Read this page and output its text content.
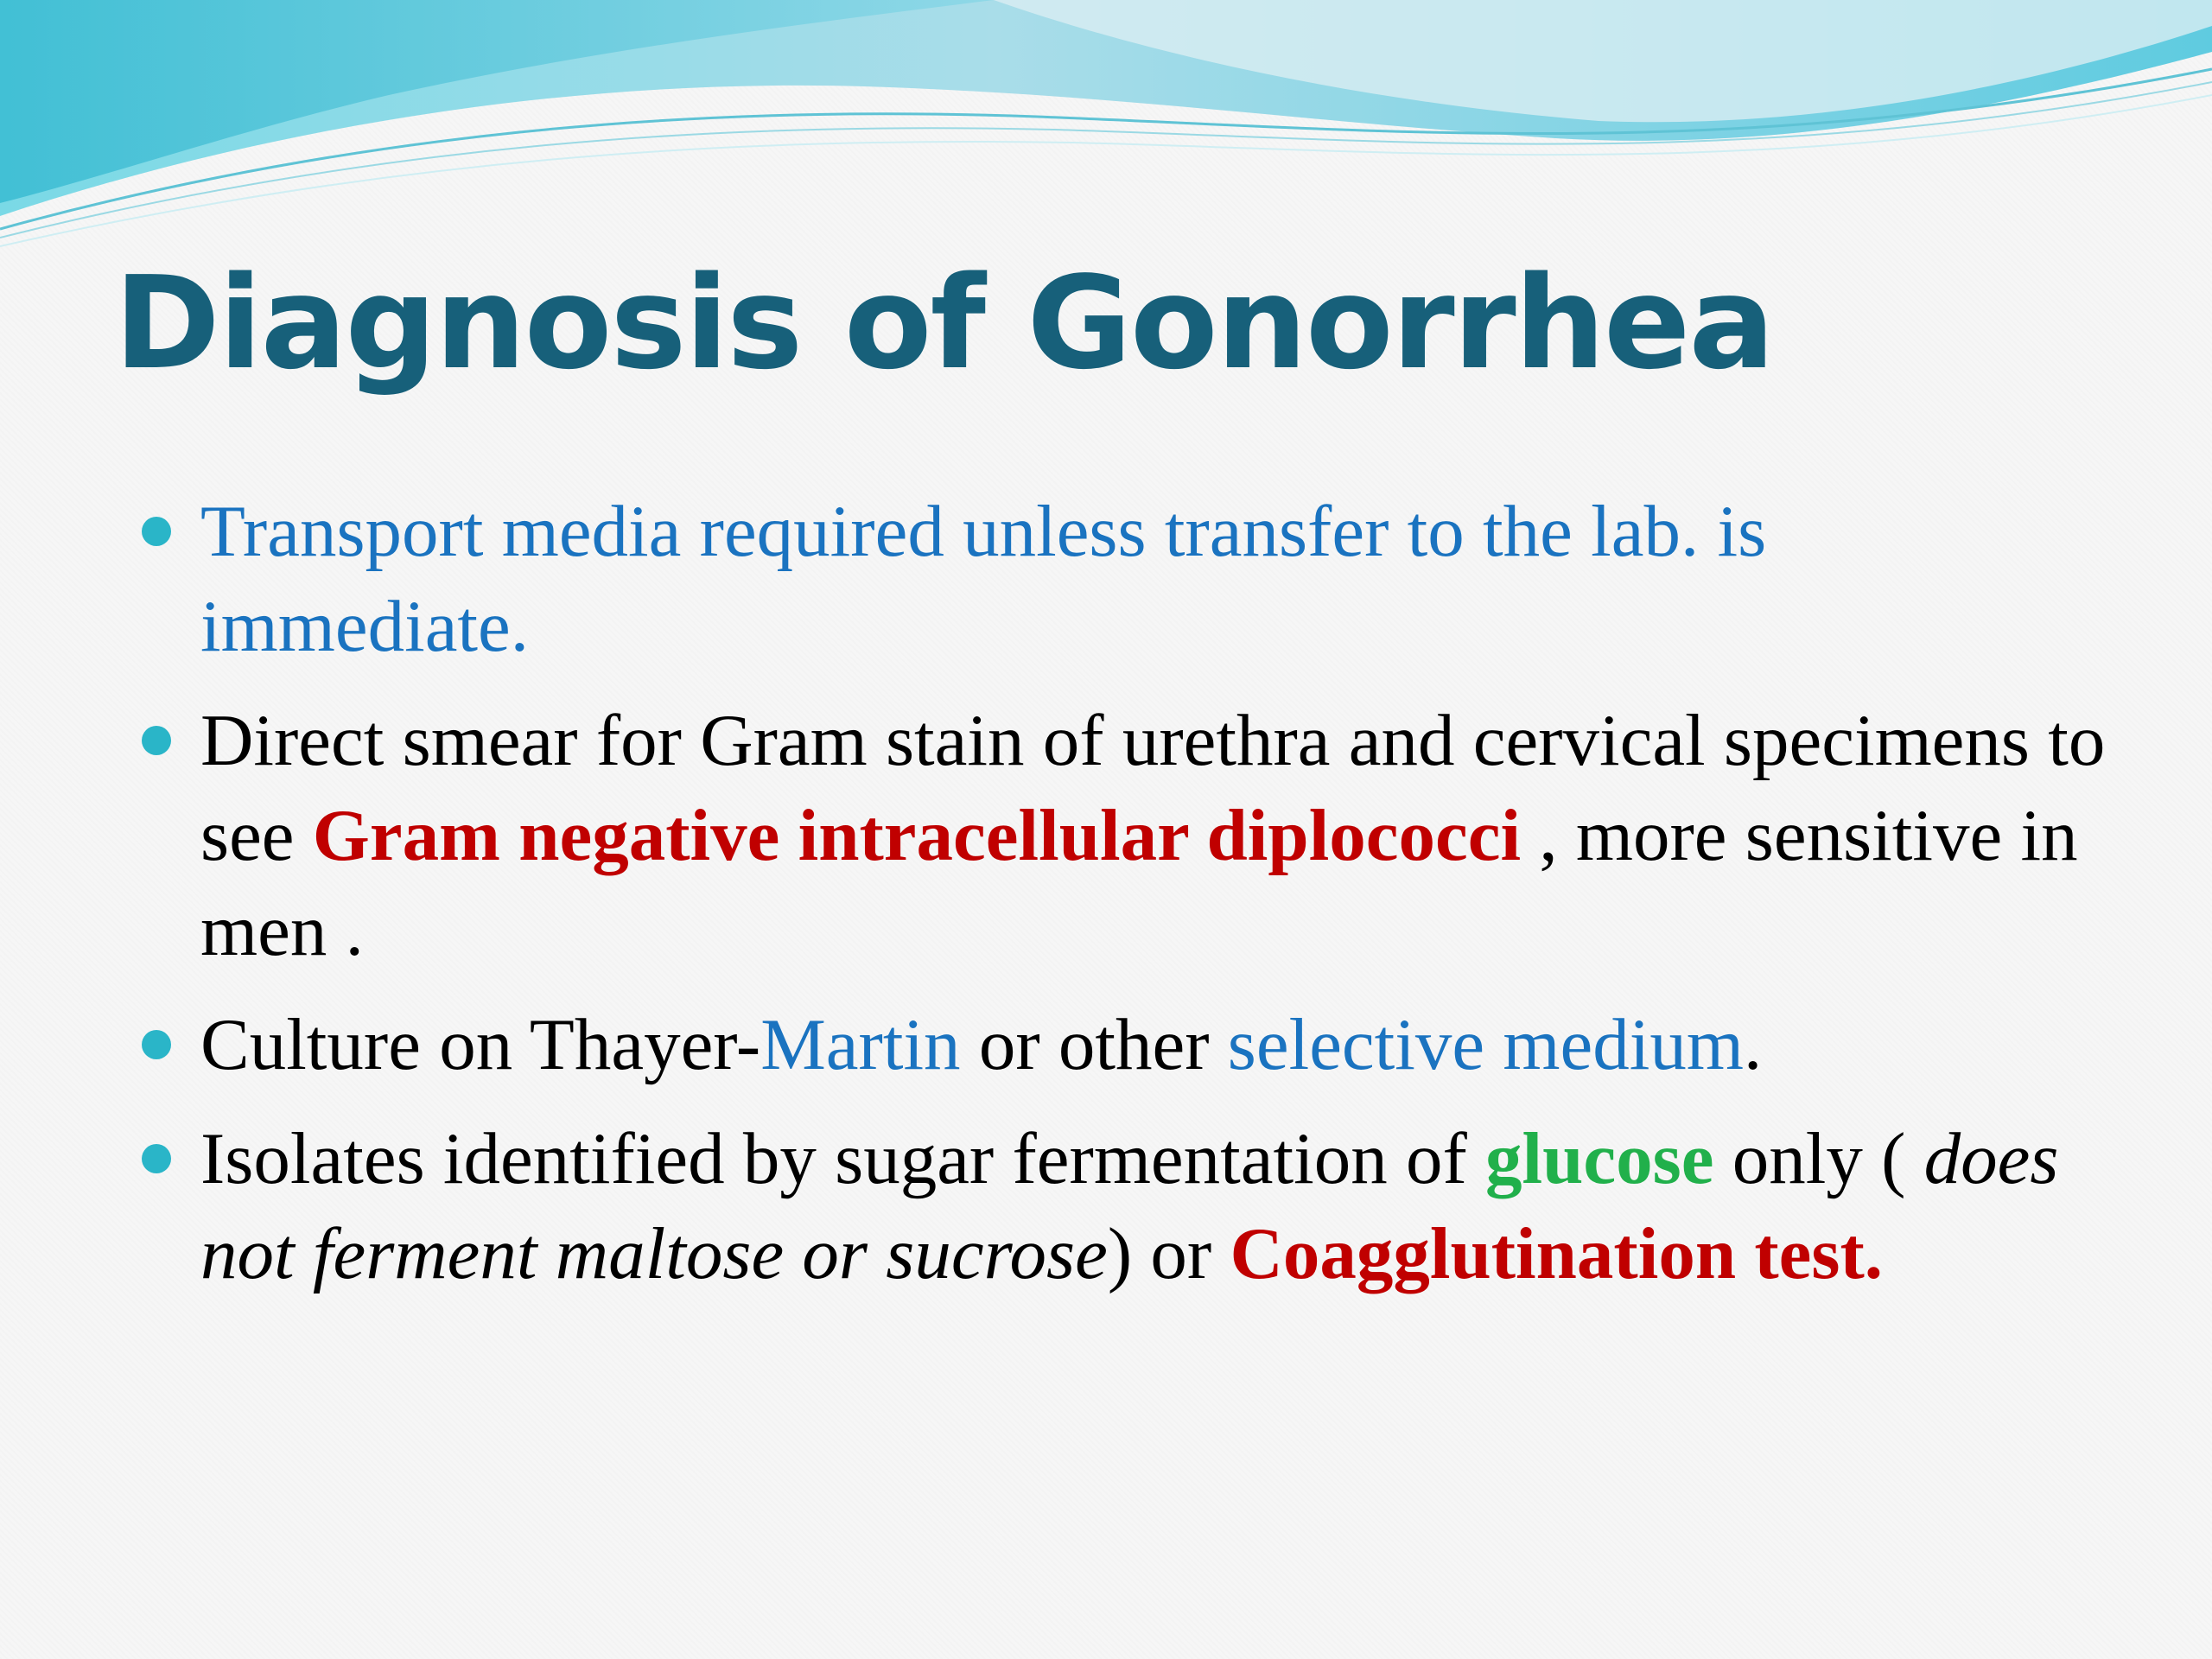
Diagnosis of Gonorrhea
Transport media required unless transfer to the lab. is immediate.
Direct smear for Gram stain of urethra and cervical specimens to see Gram negative intracellular diplococci , more sensitive in men .
Culture on Thayer-Martin or other selective medium.
Isolates identified by sugar fermentation of glucose only ( does not ferment maltose or sucrose) or Coagglutination test.
